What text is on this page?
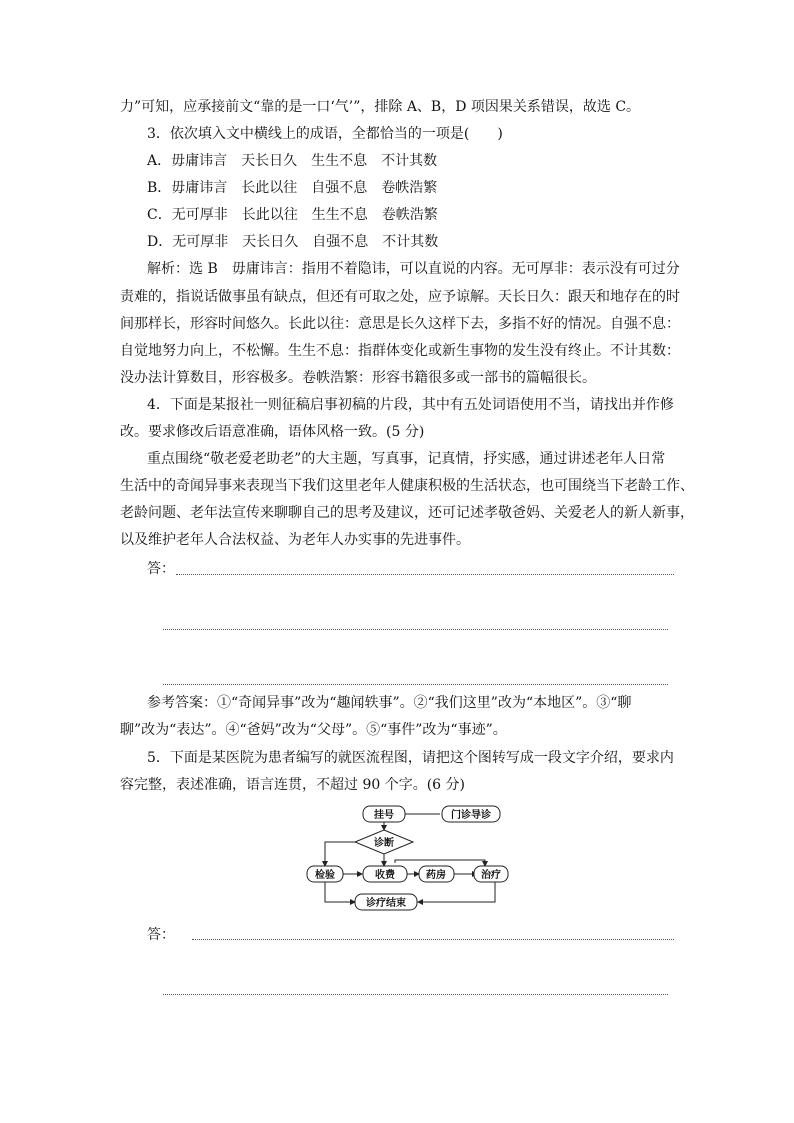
力”可知，应承接前文“靠的是一口‘气’”，排除 A、B，D 项因果关系错误，故选 C。
3．依次填入文中横线上的成语，全都恰当的一项是(　　)
A．毋庸讳言　天长日久　生生不息　不计其数
B．毋庸讳言　长此以往　自强不息　卷帙浩繁
C．无可厚非　长此以往　生生不息　卷帙浩繁
D．无可厚非　天长日久　自强不息　不计其数
解析：选 B　毋庸讳言：指用不着隐讳，可以直说的内容。无可厚非：表示没有可过分
责难的，指说话做事虽有缺点，但还有可取之处，应予谅解。天长日久：跟天和地存在的时
间那样长，形容时间悠久。长此以往：意思是长久这样下去，多指不好的情况。自强不息：
自觉地努力向上，不松懈。生生不息：指群体变化或新生事物的发生没有终止。不计其数：
没办法计算数目，形容极多。卷帙浩繁：形容书籍很多或一部书的篇幅很长。
4．下面是某报社一则征稿启事初稿的片段，其中有五处词语使用不当，请找出并作修
改。要求修改后语意准确，语体风格一致。(5 分)
重点围绕“敬老爱老助老”的大主题，写真事，记真情，抒实感，通过讲述老年人日常
生活中的奇闻异事来表现当下我们这里老年人健康积极的生活状态，也可围绕当下老龄工作、
老龄问题、老年法宣传来聊聊自己的思考及建议，还可记述孝敬爸妈、关爱老人的新人新事，
以及维护老年人合法权益、为老年人办实事的先进事件。
答：
参考答案：①“奇闻异事”改为“趣闻轶事”。②“我们这里”改为“本地区”。③“聊
聊”改为“表达”。④“爸妈”改为“父母”。⑤“事件”改为“事迹”。
5．下面是某医院为患者编写的就医流程图，请把这个图转写成一段文字介绍，要求内
容完整，表述准确，语言连贯，不超过 90 个字。(6 分)
挂号	门诊导诊
诊断
检验	收费	药房	治疗
诊疗结束
答：
